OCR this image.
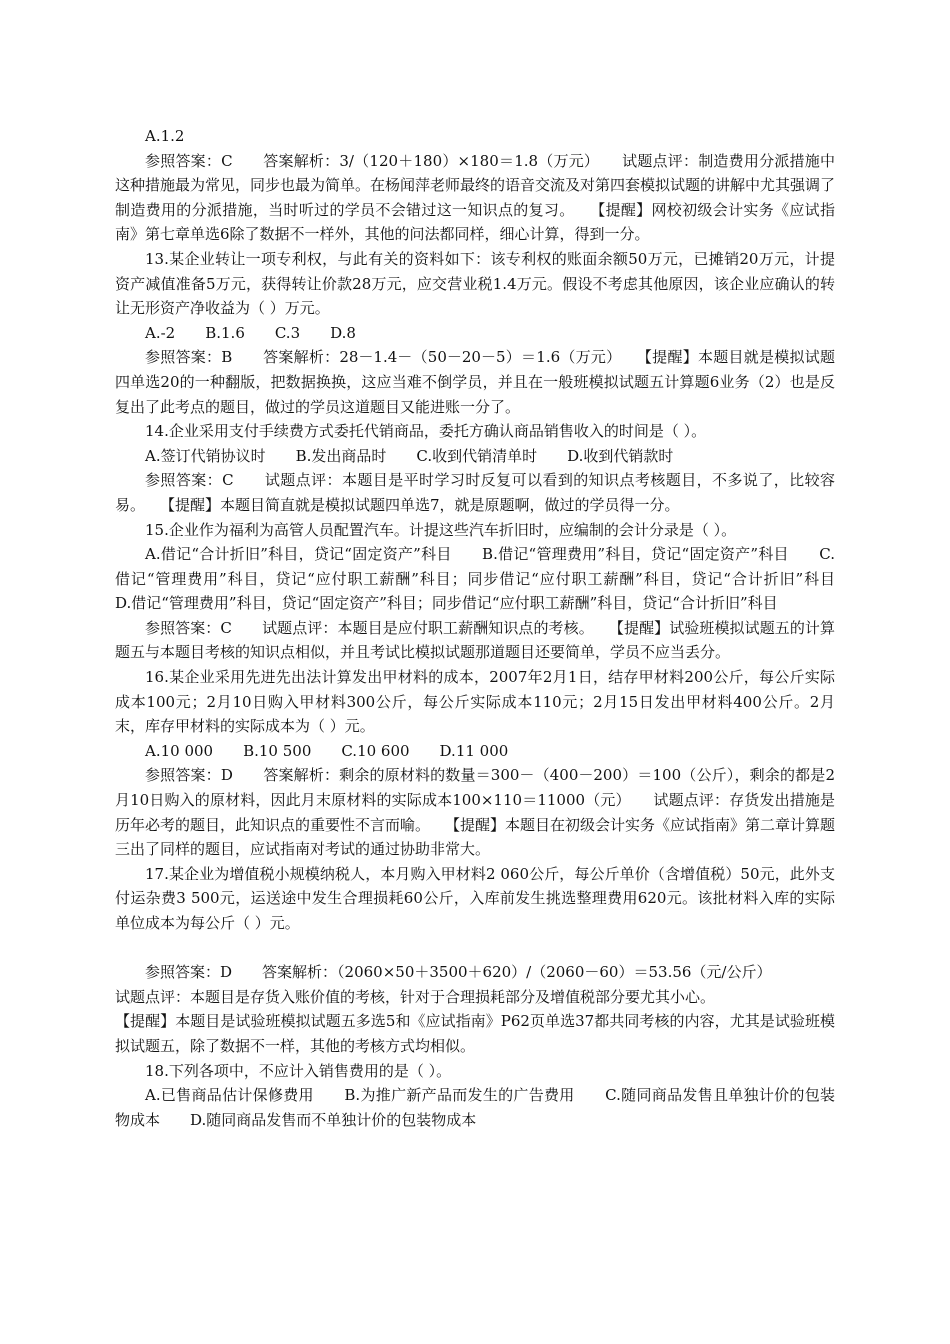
A.1.2

参照答案：C　　答案解析：3/（120＋180）×180＝1.8（万元）　　试题点评：制造费用分派措施中这种措施最为常见，同步也最为简单。在杨闻萍老师最终的语音交流及对第四套模拟试题的讲解中尤其强调了制造费用的分派措施，当时听过的学员不会错过这一知识点的复习。　　【提醒】网校初级会计实务《应试指南》第七章单选6除了数据不一样外，其他的问法都同样，细心计算，得到一分。

13.某企业转让一项专利权，与此有关的资料如下：该专利权的账面余额50万元，已摊销20万元，计提资产减值准备5万元，获得转让价款28万元，应交营业税1.4万元。假设不考虑其他原因，该企业应确认的转让无形资产净收益为（ ）万元。

A.-2　　B.1.6　　C.3　　D.8

参照答案：B　　答案解析：28－1.4－（50－20－5）＝1.6（万元）　　【提醒】本题目就是模拟试题四单选20的一种翻版，把数据换换，这应当难不倒学员，并且在一般班模拟试题五计算题6业务（2）也是反复出了此考点的题目，做过的学员这道题目又能进账一分了。

14.企业采用支付手续费方式委托代销商品，委托方确认商品销售收入的时间是（ ）。

A.签订代销协议时　　B.发出商品时　　C.收到代销清单时　　D.收到代销款时

参照答案：C　　试题点评：本题目是平时学习时反复可以看到的知识点考核题目，不多说了，比较容易。　　【提醒】本题目简直就是模拟试题四单选7，就是原题啊，做过的学员得一分。

15.企业作为福利为高管人员配置汽车。计提这些汽车折旧时，应编制的会计分录是（ ）。

A.借记“合计折旧”科目，贷记“固定资产”科目　　B.借记“管理费用”科目，贷记“固定资产”科目　　C.借记“管理费用”科目，贷记“应付职工薪酬”科目；同步借记“应付职工薪酬”科目，贷记“合计折旧”科目　　D.借记“管理费用”科目，贷记“固定资产”科目；同步借记“应付职工薪酬”科目，贷记“合计折旧”科目

参照答案：C　　试题点评：本题目是应付职工薪酬知识点的考核。　　【提醒】试验班模拟试题五的计算题五与本题目考核的知识点相似，并且考试比模拟试题那道题目还要简单，学员不应当丢分。

16.某企业采用先进先出法计算发出甲材料的成本，2007年2月1日，结存甲材料200公斤，每公斤实际成本100元；2月10日购入甲材料300公斤，每公斤实际成本110元；2月15日发出甲材料400公斤。2月末，库存甲材料的实际成本为（ ）元。

A.10 000　　B.10 500　　C.10 600　　D.11 000

参照答案：D　　答案解析：剩余的原材料的数量＝300－（400－200）＝100（公斤），剩余的都是2月10日购入的原材料，因此月末原材料的实际成本100×110＝11000（元）　　试题点评：存货发出措施是历年必考的题目，此知识点的重要性不言而喻。　　【提醒】本题目在初级会计实务《应试指南》第二章计算题三出了同样的题目，应试指南对考试的通过协助非常大。

17.某企业为增值税小规模纳税人，本月购入甲材料2 060公斤，每公斤单价（含增值税）50元，此外支付运杂费3 500元，运送途中发生合理损耗60公斤，入库前发生挑选整理费用620元。该批材料入库的实际单位成本为每公斤（ ）元。

参照答案：D　　答案解析：（2060×50＋3500＋620）/（2060－60）＝53.56（元/公斤）

试题点评：本题目是存货入账价值的考核，针对于合理损耗部分及增值税部分要尤其小心。

【提醒】本题目是试验班模拟试题五多选5和《应试指南》P62页单选37都共同考核的内容，尤其是试验班模拟试题五，除了数据不一样，其他的考核方式均相似。

18.下列各项中，不应计入销售费用的是（ ）。

A.已售商品估计保修费用　　B.为推广新产品而发生的广告费用　　C.随同商品发售且单独计价的包装物成本　　D.随同商品发售而不单独计价的包装物成本
